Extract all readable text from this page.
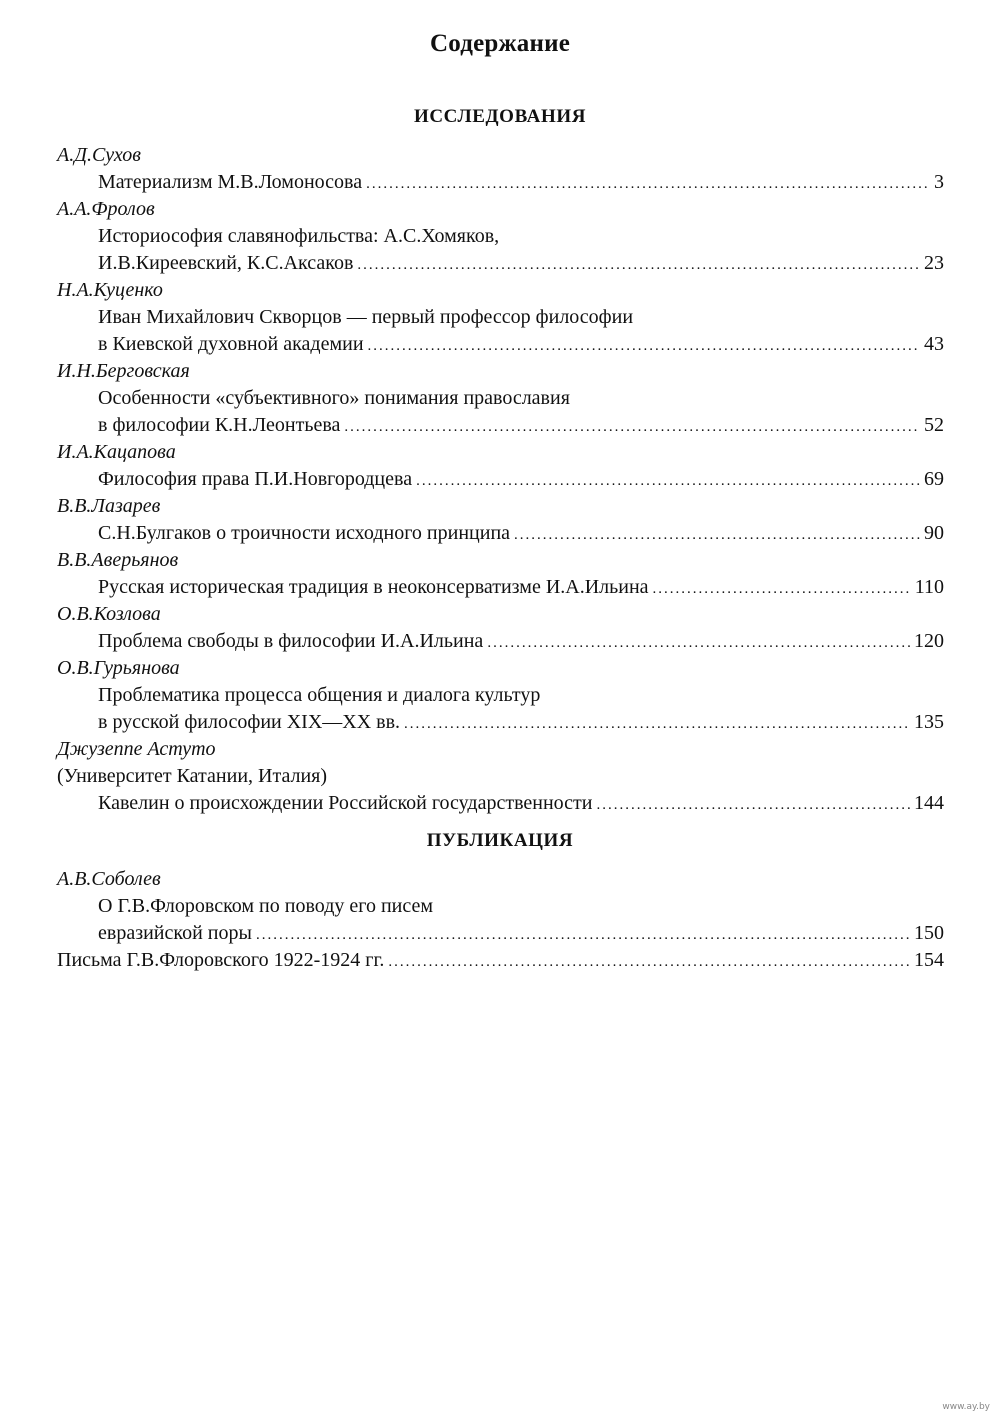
Содержание
ИССЛЕДОВАНИЯ
А.Д.Сухов
Материализм М.В.Ломоносова .....	3
А.А.Фролов
Историософия славянофильства: А.С.Хомяков,
И.В.Киреевский, К.С.Аксаков .....	23
Н.А.Куценко
Иван Михайлович Скворцов — первый профессор философии
в Киевской духовной академии .....	43
И.Н.Берговская
Особенности «субъективного» понимания православия
в философии К.Н.Леонтьева .....	52
И.А.Кацапова
Философия права П.И.Новгородцева .....	69
В.В.Лазарев
С.Н.Булгаков о троичности исходного принципа .....	90
В.В.Аверьянов
Русская историческая традиция в неоконсерватизме И.А.Ильина .....	110
О.В.Козлова
Проблема свободы в философии И.А.Ильина .....	120
О.В.Гурьянова
Проблематика процесса общения и диалога культур
в русской философии XIX—XX вв. .....	135
Джузеппе Астуто
(Университет Катании, Италия)
Кавелин о происхождении Российской государственности .....	144
ПУБЛИКАЦИЯ
А.В.Соболев
О Г.В.Флоровском по поводу его писем
евразийской поры .....	150
Письма Г.В.Флоровского 1922-1924 гг. .....	154
www.ay.by
